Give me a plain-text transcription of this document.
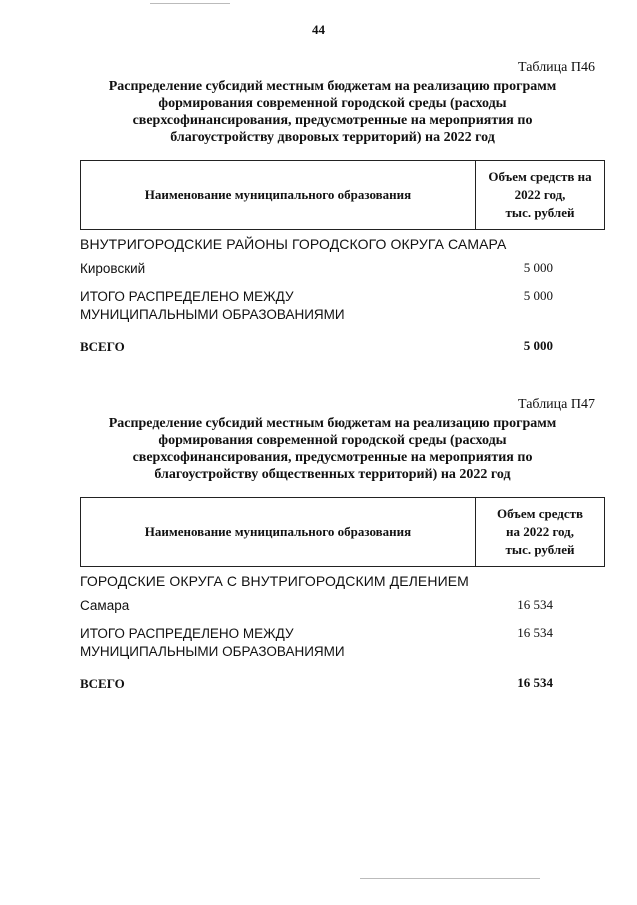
44
Таблица П46
Распределение субсидий местным бюджетам на реализацию программ
формирования современной городской среды (расходы
сверхсофинансирования, предусмотренные на мероприятия по
благоустройству дворовых территорий) на 2022 год
Наименование муниципального образования
Объем средств на
2022 год,
тыс. рублей
ВНУТРИГОРОДСКИЕ РАЙОНЫ ГОРОДСКОГО ОКРУГА САМАРА
Кировский	5 000
ИТОГО РАСПРЕДЕЛЕНО МЕЖДУ
МУНИЦИПАЛЬНЫМИ ОБРАЗОВАНИЯМИ
5 000
ВСЕГО	5 000
Таблица П47
Распределение субсидий местным бюджетам на реализацию программ
формирования современной городской среды (расходы
сверхсофинансирования, предусмотренные на мероприятия по
благоустройству общественных территорий) на 2022 год
Наименование муниципального образования
Объем средств
на 2022 год,
тыс. рублей
ГОРОДСКИЕ ОКРУГА С ВНУТРИГОРОДСКИМ ДЕЛЕНИЕМ
Самара	16 534
ИТОГО РАСПРЕДЕЛЕНО МЕЖДУ
МУНИЦИПАЛЬНЫМИ ОБРАЗОВАНИЯМИ
16 534
ВСЕГО	16 534
